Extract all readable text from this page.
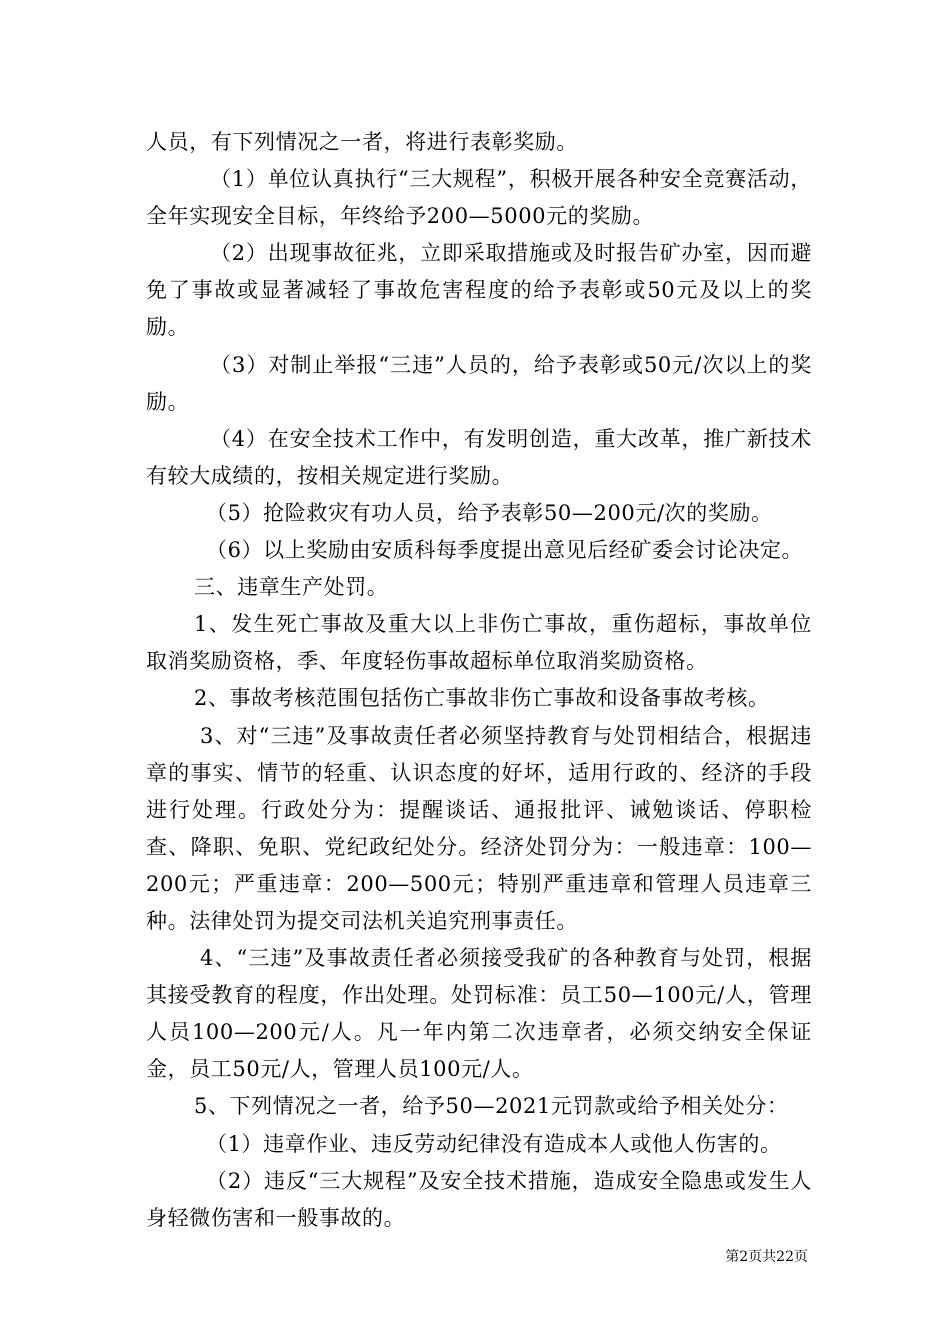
人员，有下列情况之一者，将进行表彰奖励。

（1）单位认真执行“三大规程”，积极开展各种安全竞赛活动，全年实现安全目标，年终给予200—5000元的奖励。

（2）出现事故征兆，立即采取措施或及时报告矿办室，因而避免了事故或显著减轻了事故危害程度的给予表彰或50元及以上的奖励。

（3）对制止举报“三违”人员的，给予表彰或50元/次以上的奖励。

（4）在安全技术工作中，有发明创造，重大改革，推广新技术有较大成绩的，按相关规定进行奖励。

（5）抢险救灾有功人员，给予表彰50—200元/次的奖励。

（6）以上奖励由安质科每季度提出意见后经矿委会讨论决定。

三、违章生产处罚。

1、发生死亡事故及重大以上非伤亡事故，重伤超标，事故单位取消奖励资格，季、年度轻伤事故超标单位取消奖励资格。

2、事故考核范围包括伤亡事故非伤亡事故和设备事故考核。

3、对“三违”及事故责任者必须坚持教育与处罚相结合，根据违章的事实、情节的轻重、认识态度的好坏，适用行政的、经济的手段进行处理。行政处分为：提醒谈话、通报批评、诫勉谈话、停职检查、降职、免职、党纪政纪处分。经济处罚分为：一般违章：100—200元；严重违章：200—500元；特别严重违章和管理人员违章三种。法律处罚为提交司法机关追究刑事责任。

4、“三违”及事故责任者必须接受我矿的各种教育与处罚，根据其接受教育的程度，作出处理。处罚标准：员工50—100元/人，管理人员100—200元/人。凡一年内第二次违章者，必须交纳安全保证金，员工50元/人，管理人员100元/人。

5、下列情况之一者，给予50—2021元罚款或给予相关处分：

（1）违章作业、违反劳动纪律没有造成本人或他人伤害的。

（2）违反“三大规程”及安全技术措施，造成安全隐患或发生人身轻微伤害和一般事故的。

第2页共22页
